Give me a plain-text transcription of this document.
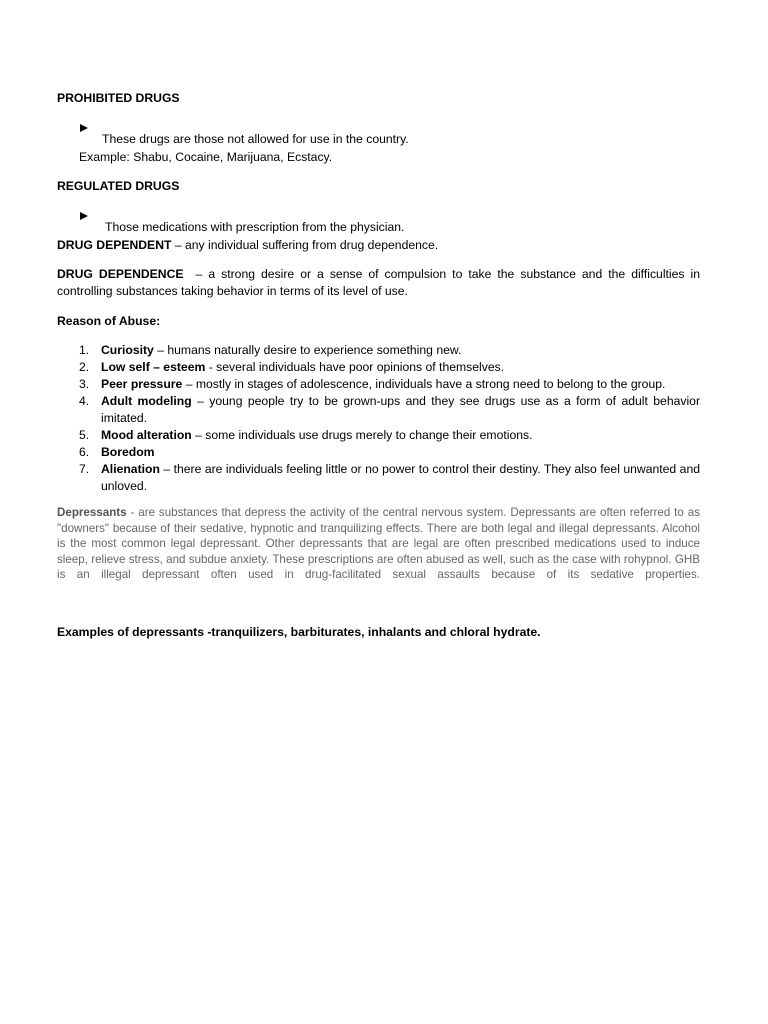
PROHIBITED DRUGS

These drugs are those not allowed for use in the country.

Example: Shabu, Cocaine, Marijuana, Ecstacy.

REGULATED DRUGS

Those medications with prescription from the physician.

DRUG DEPENDENT – any individual suffering from drug dependence.

DRUG DEPENDENCE  – a strong desire or a sense of compulsion to take the substance and the difficulties in controlling substances taking behavior in terms of its level of use.

Reason of Abuse:

1. Curiosity – humans naturally desire to experience something new.
2. Low self – esteem - several individuals have poor opinions of themselves.
3. Peer pressure – mostly in stages of adolescence, individuals have a strong need to belong to the group.
4. Adult modeling – young people try to be grown-ups and they see drugs use as a form of adult behavior imitated.
5. Mood alteration – some individuals use drugs merely to change their emotions.
6. Boredom
7. Alienation – there are individuals feeling little or no power to control their destiny. They also feel unwanted and unloved.

Depressants - are substances that depress the activity of the central nervous system. Depressants are often referred to as "downers" because of their sedative, hypnotic and tranquilizing effects. There are both legal and illegal depressants. Alcohol is the most common legal depressant. Other depressants that are legal are often prescribed medications used to induce sleep, relieve stress, and subdue anxiety. These prescriptions are often abused as well, such as the case with rohypnol. GHB is an illegal depressant often used in drug-facilitated sexual assaults because of its sedative properties.

Examples of depressants -tranquilizers, barbiturates, inhalants and chloral hydrate.
